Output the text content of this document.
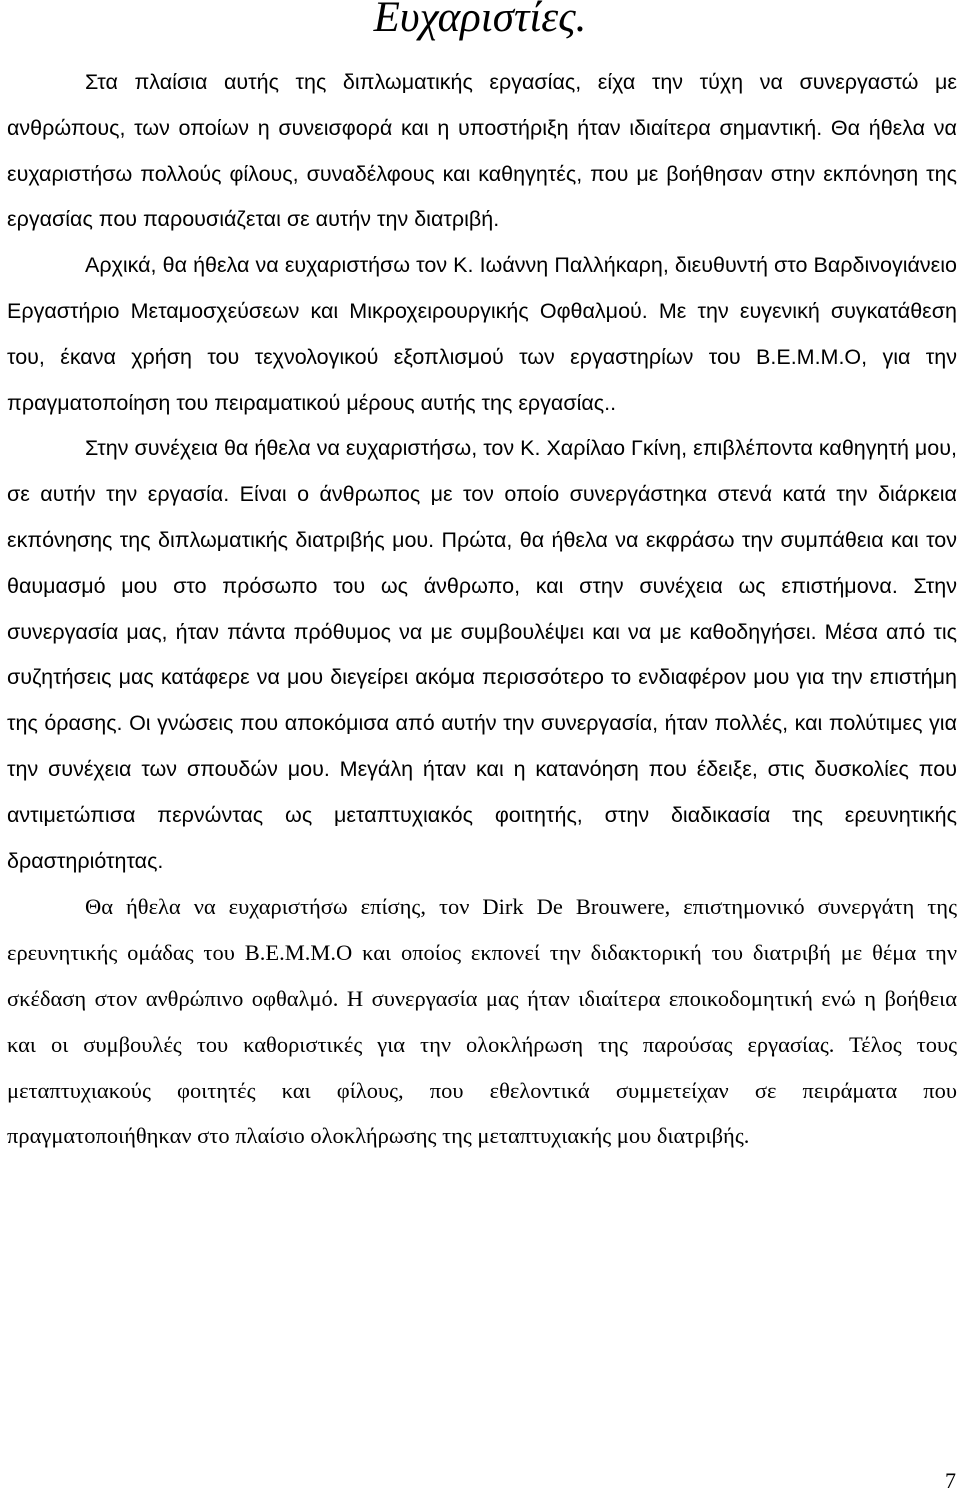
Ευχαριστίες.

Στα πλαίσια αυτής της διπλωματικής εργασίας, είχα την τύχη να συνεργαστώ με ανθρώπους, των οποίων η συνεισφορά και η υποστήριξη ήταν ιδιαίτερα σημαντική. Θα ήθελα να ευχαριστήσω πολλούς φίλους, συναδέλφους και καθηγητές, που με βοήθησαν στην εκπόνηση της εργασίας που παρουσιάζεται σε αυτήν την διατριβή.

Αρχικά, θα ήθελα να ευχαριστήσω τον Κ. Ιωάννη Παλλήκαρη, διευθυντή στο Βαρδινογιάνειο Εργαστήριο Μεταμοσχεύσεων και Μικροχειρουργικής Οφθαλμού. Με την ευγενική συγκατάθεση του, έκανα χρήση του τεχνολογικού εξοπλισμού των εργαστηρίων του Β.Ε.Μ.Μ.Ο, για την πραγματοποίηση του πειραματικού μέρους αυτής της εργασίας..

Στην συνέχεια θα ήθελα να ευχαριστήσω, τον Κ. Χαρίλαο Γκίνη, επιβλέποντα καθηγητή μου, σε αυτήν την εργασία. Είναι ο άνθρωπος με τον οποίο συνεργάστηκα στενά κατά την διάρκεια εκπόνησης της διπλωματικής διατριβής μου. Πρώτα, θα ήθελα να εκφράσω την συμπάθεια και τον θαυμασμό μου στο πρόσωπο του ως άνθρωπο, και στην συνέχεια ως επιστήμονα. Στην συνεργασία μας, ήταν πάντα πρόθυμος να με συμβουλέψει και να με καθοδηγήσει. Μέσα από τις συζητήσεις μας κατάφερε να μου διεγείρει ακόμα περισσότερο το ενδιαφέρον μου για την επιστήμη της όρασης. Οι γνώσεις που αποκόμισα από αυτήν την συνεργασία, ήταν πολλές, και πολύτιμες για την συνέχεια των σπουδών μου. Μεγάλη ήταν και η κατανόηση που έδειξε, στις δυσκολίες που αντιμετώπισα περνώντας ως μεταπτυχιακός φοιτητής, στην διαδικασία της ερευνητικής δραστηριότητας.

Θα ήθελα να ευχαριστήσω επίσης, τον Dirk De Brouwere, επιστημονικό συνεργάτη της ερευνητικής ομάδας του Β.Ε.Μ.Μ.Ο και οποίος εκπονεί την διδακτορική του διατριβή με θέμα την σκέδαση στον ανθρώπινο οφθαλμό. Η συνεργασία μας ήταν ιδιαίτερα εποικοδομητική ενώ η βοήθεια και οι συμβουλές του καθοριστικές για την ολοκλήρωση της παρούσας εργασίας. Τέλος τους μεταπτυχιακούς φοιτητές και φίλους, που εθελοντικά συμμετείχαν σε πειράματα που πραγματοποιήθηκαν στο πλαίσιο ολοκλήρωσης της μεταπτυχιακής μου διατριβής.

7
